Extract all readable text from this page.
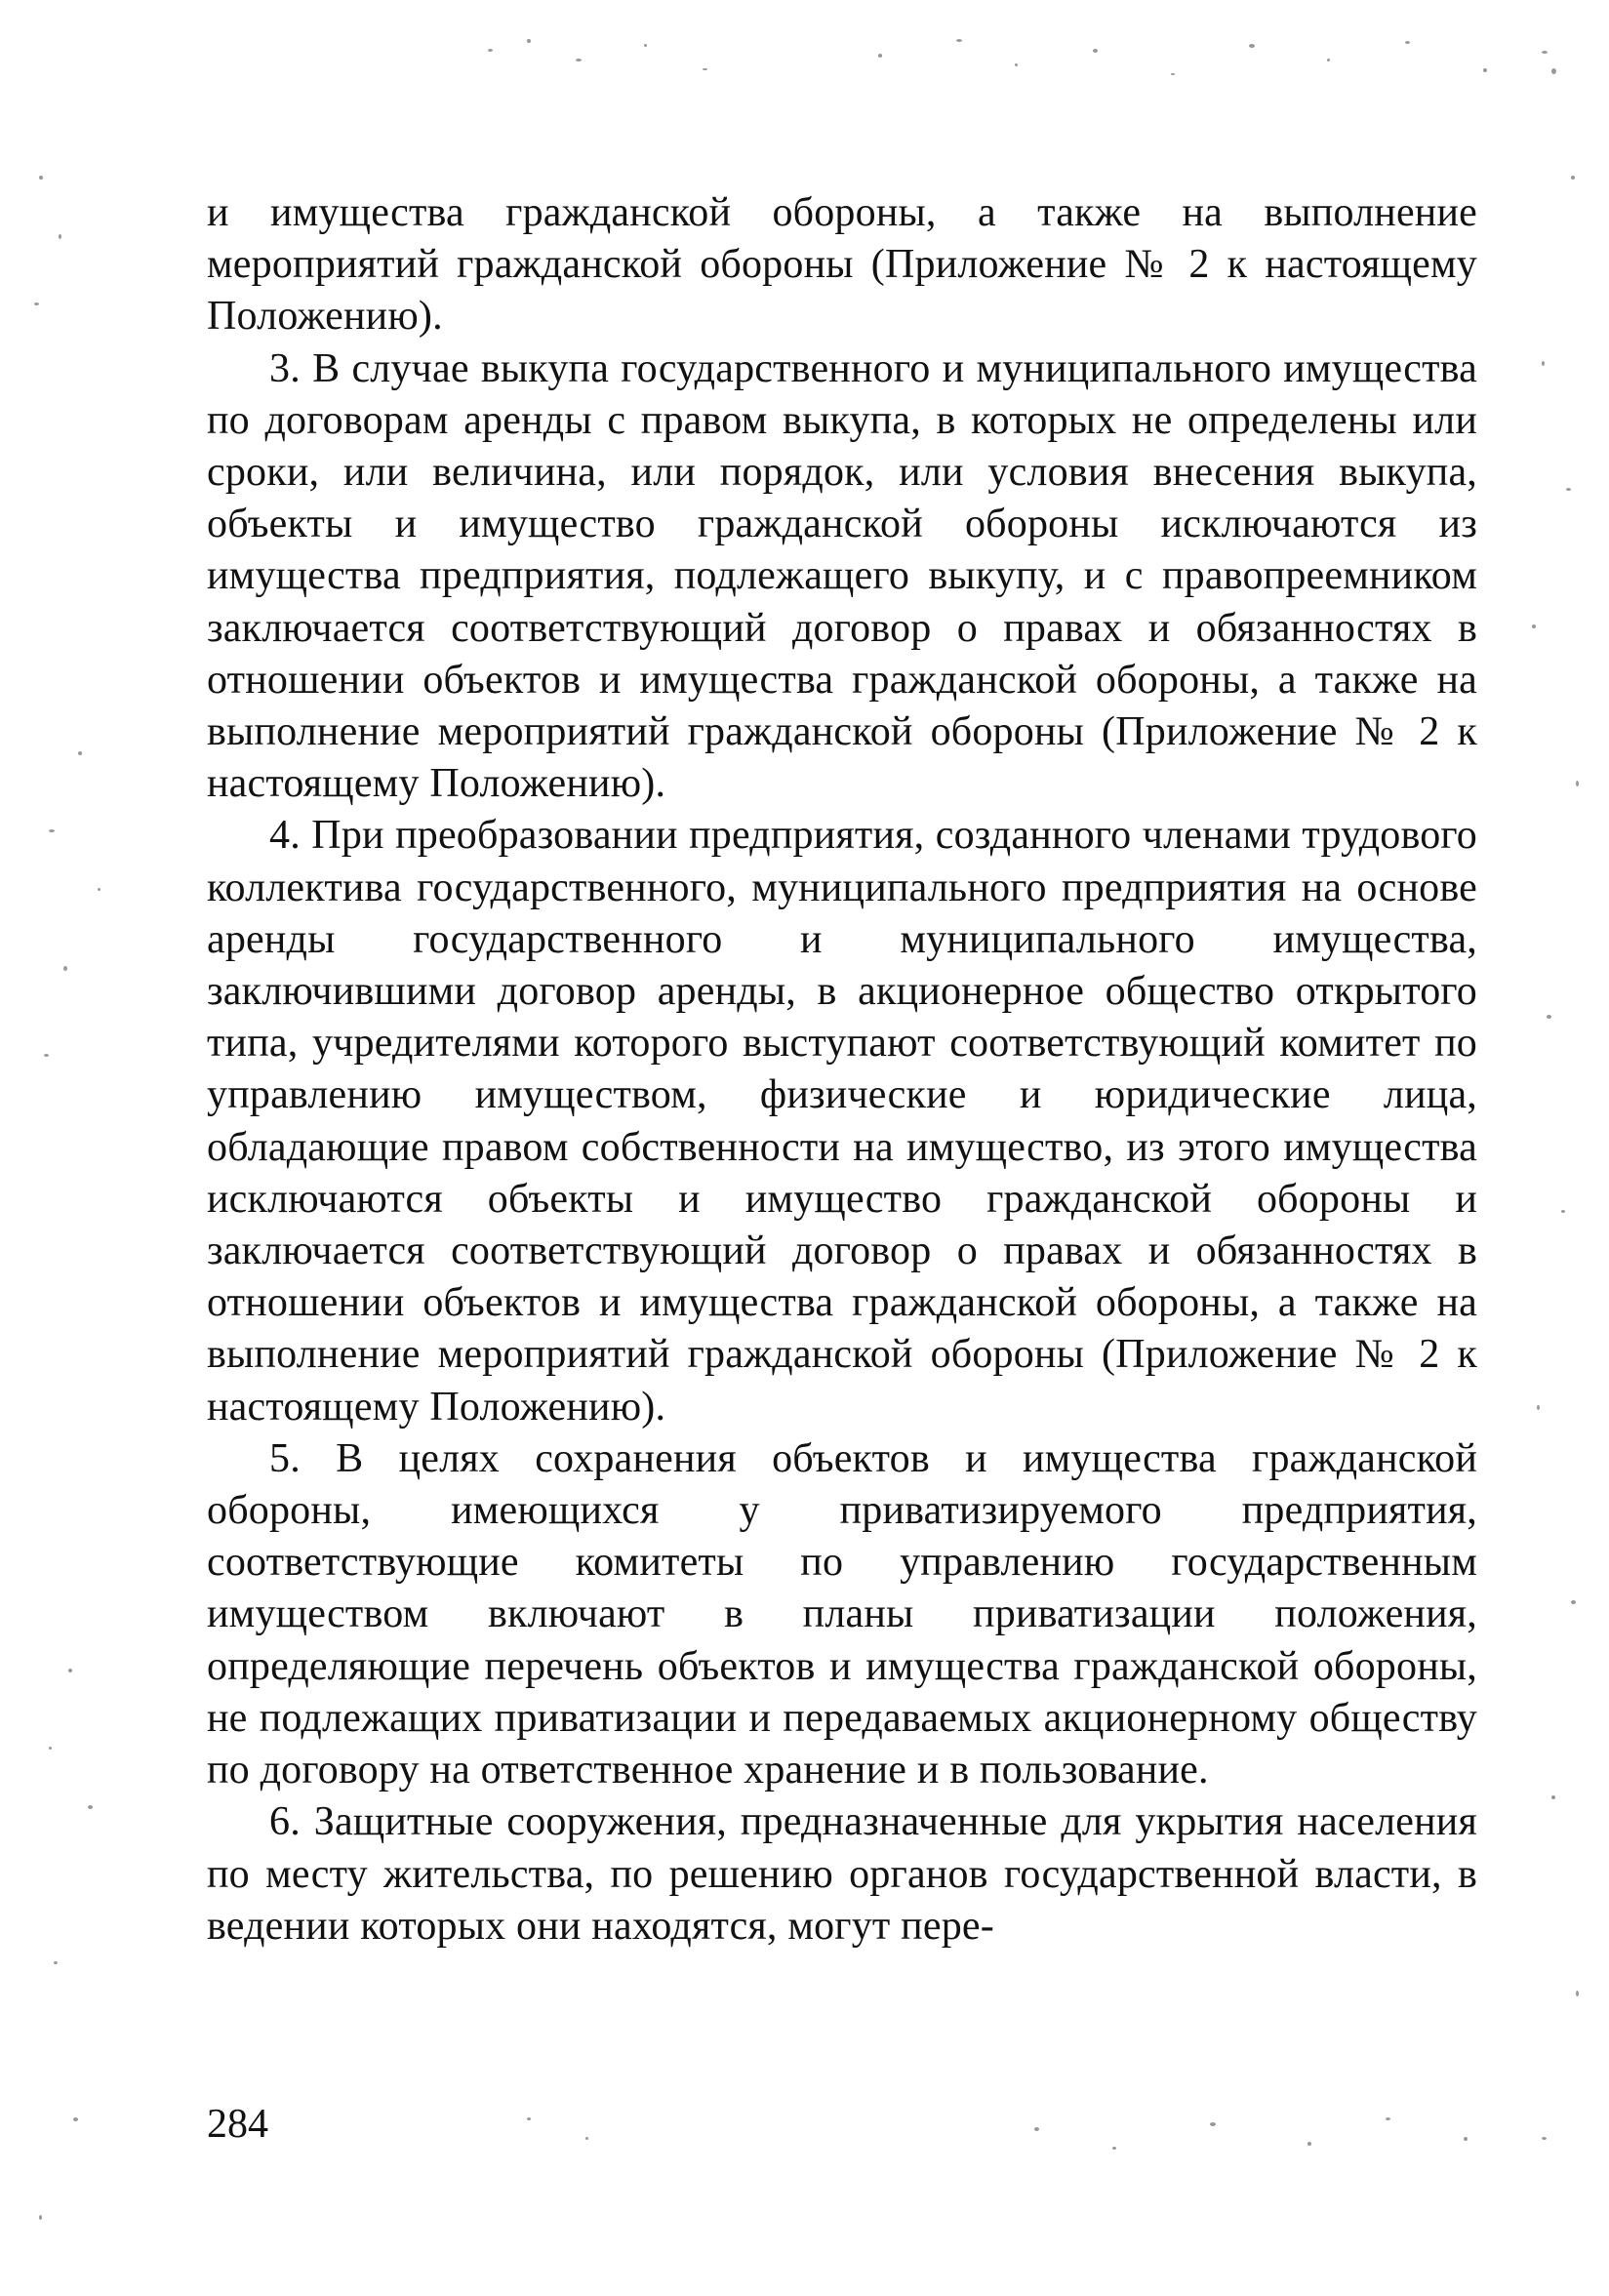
и имущества гражданской обороны, а также на выполнение мероприятий гражданской обороны (Приложение № 2 к настоящему Положению).

3. В случае выкупа государственного и муниципального имущества по договорам аренды с правом выкупа, в которых не определены или сроки, или величина, или порядок, или условия внесения выкупа, объекты и имущество гражданской обороны исключаются из имущества предприятия, подлежащего выкупу, и с правопреемником заключается соответствующий договор о правах и обязанностях в отношении объектов и имущества гражданской обороны, а также на выполнение мероприятий гражданской обороны (Приложение № 2 к настоящему Положению).

4. При преобразовании предприятия, созданного членами трудового коллектива государственного, муниципального предприятия на основе аренды государственного и муниципального имущества, заключившими договор аренды, в акционерное общество открытого типа, учредителями которого выступают соответствующий комитет по управлению имуществом, физические и юридические лица, обладающие правом собственности на имущество, из этого имущества исключаются объекты и имущество гражданской обороны и заключается соответствующий договор о правах и обязанностях в отношении объектов и имущества гражданской обороны, а также на выполнение мероприятий гражданской обороны (Приложение № 2 к настоящему Положению).

5. В целях сохранения объектов и имущества гражданской обороны, имеющихся у приватизируемого предприятия, соответствующие комитеты по управлению государственным имуществом включают в планы приватизации положения, определяющие перечень объектов и имущества гражданской обороны, не подлежащих приватизации и передаваемых акционерному обществу по договору на ответственное хранение и в пользование.

6. Защитные сооружения, предназначенные для укрытия населения по месту жительства, по решению органов государственной власти, в ведении которых они находятся, могут пере-

284
